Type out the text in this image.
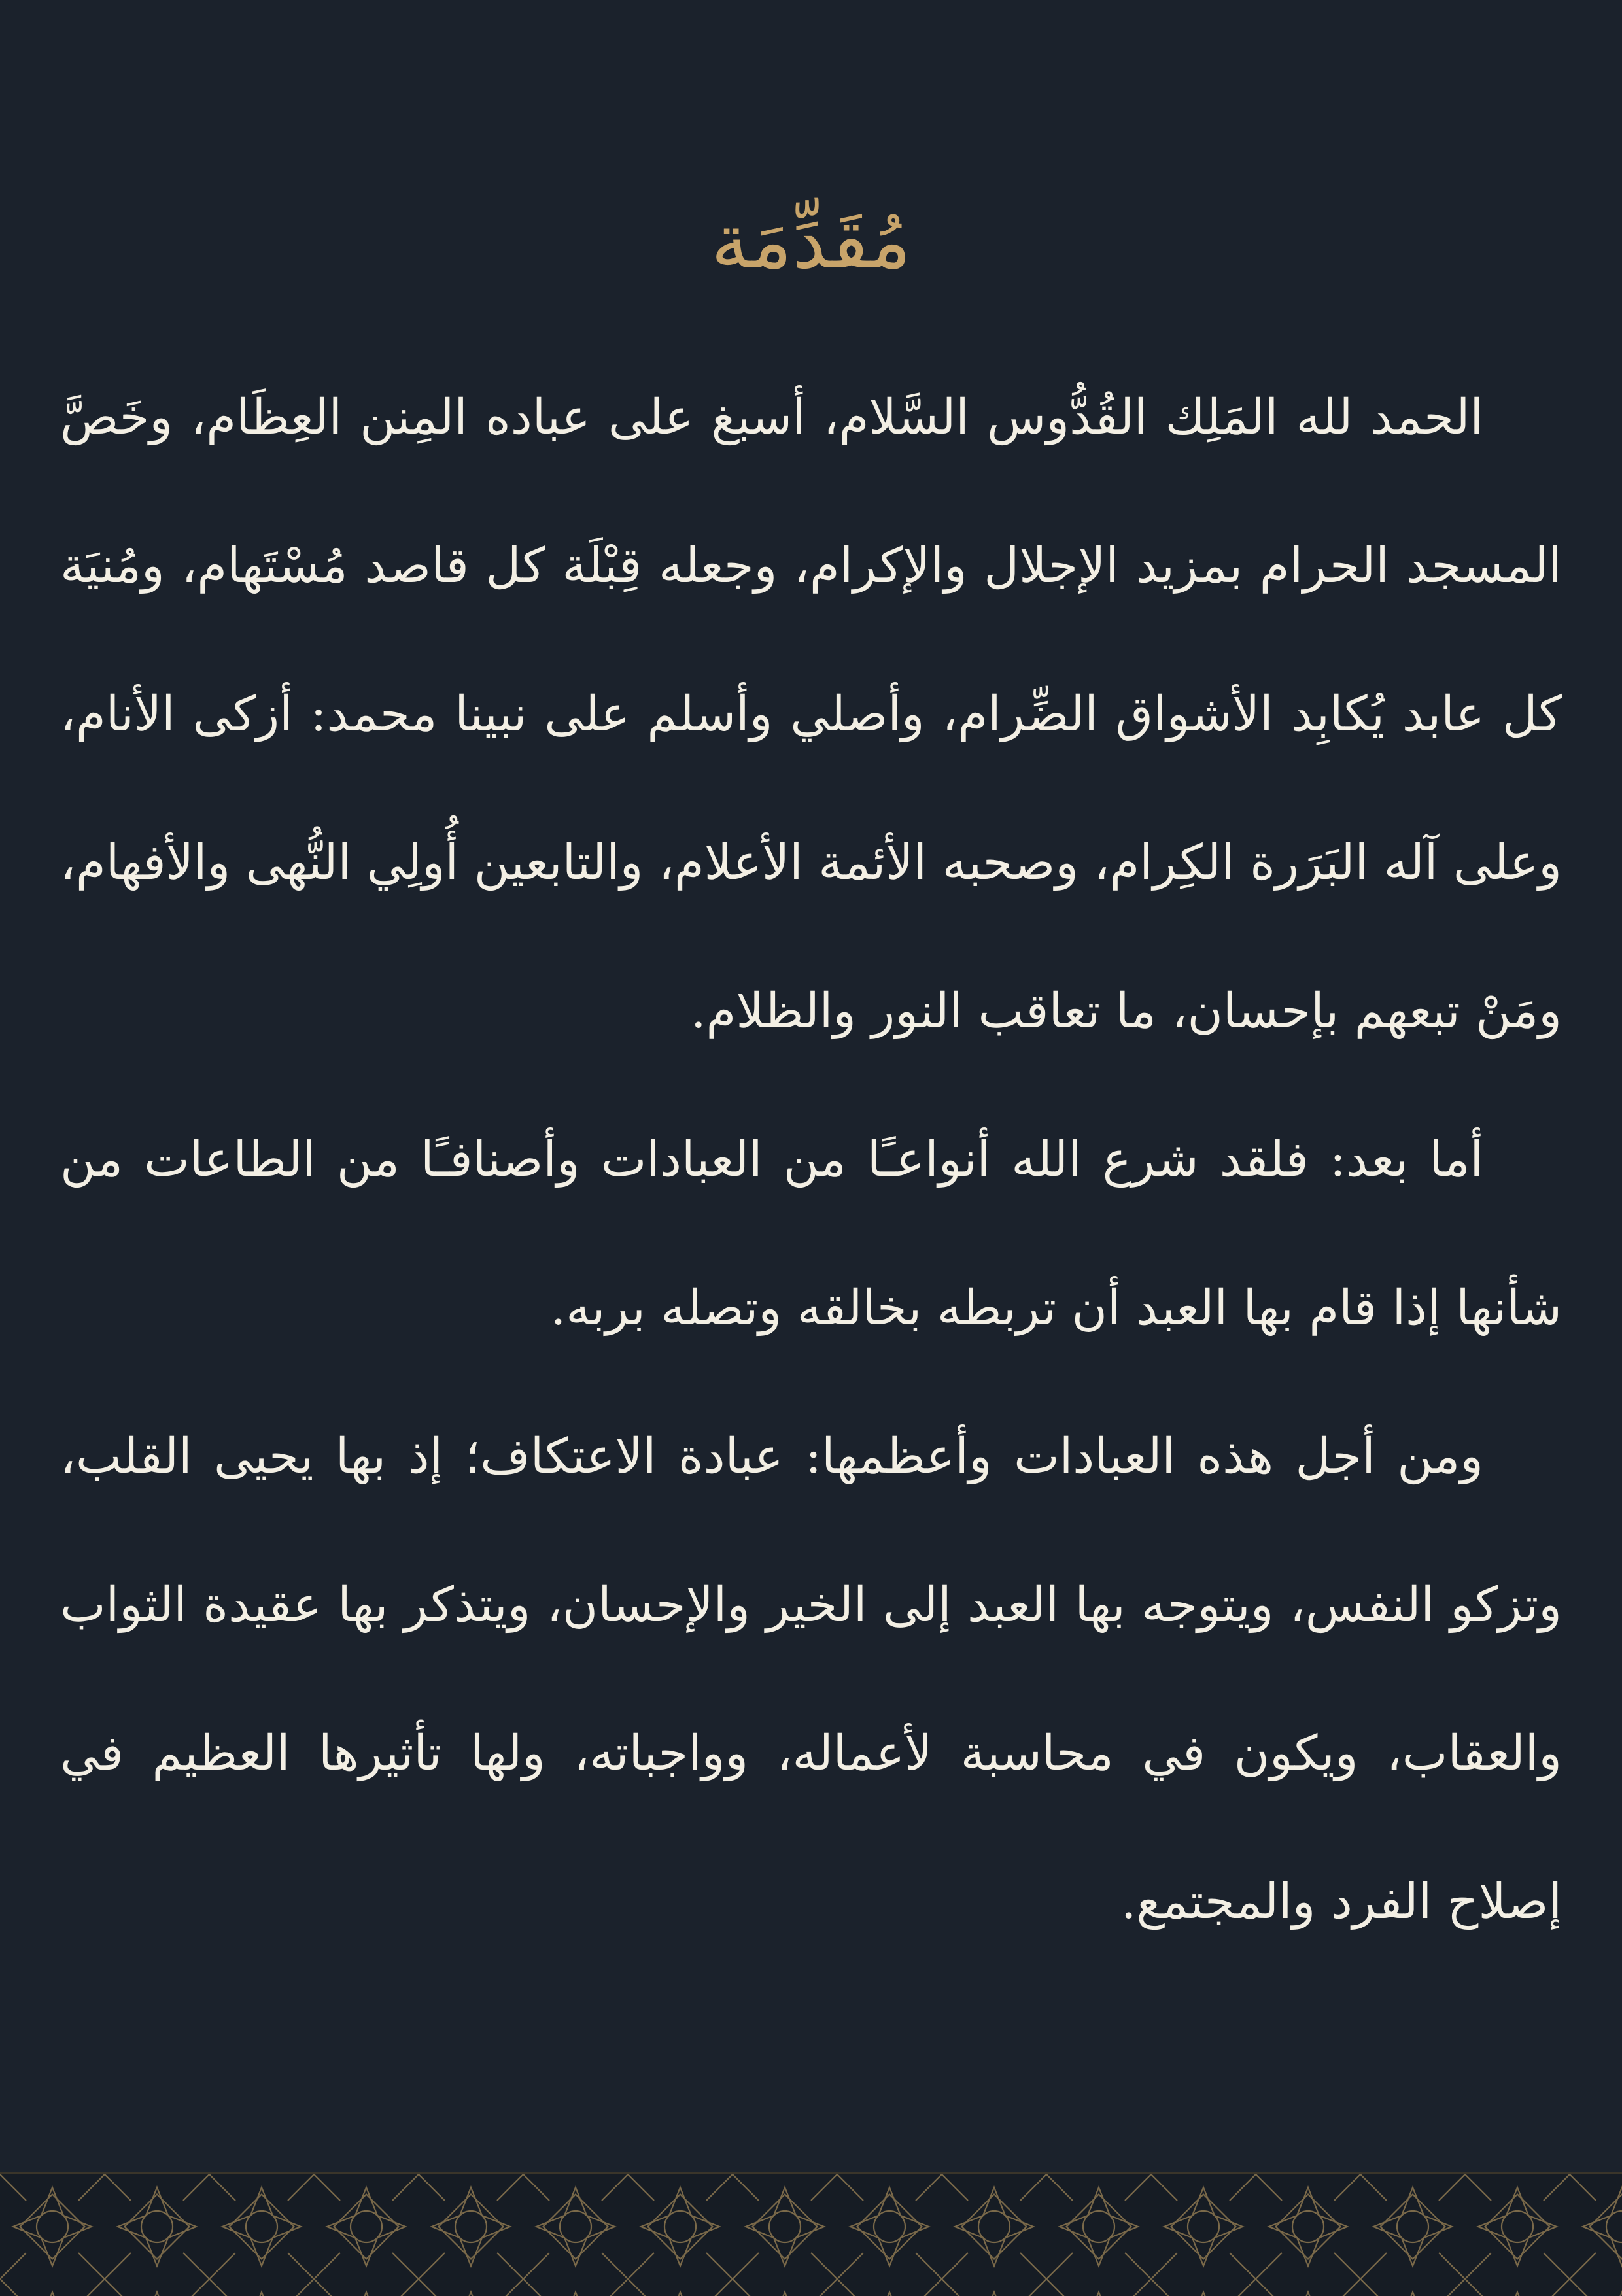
مُقَدِّمَة

الحمد لله المَلِك القُدُّوس السَّلام، أسبغ على عباده المِنن العِظَام، وخَصَّ المسجد الحرام بمزيد الإجلال والإكرام، وجعله قِبْلَة كل قاصد مُسْتَهام، ومُنيَة كل عابد يُكابِد الأشواق الضِّرام، وأصلي وأسلم على نبينا محمد: أزكى الأنام، وعلى آله البَرَرة الكِرام، وصحبه الأئمة الأعلام، والتابعين أُولِي النُّهى والأفهام، ومَنْ تبعهم بإحسان، ما تعاقب النور والظلام.

أما بعد: فلقد شرع الله أنواعـًا من العبادات وأصنافـًا من الطاعات من شأنها إذا قام بها العبد أن تربطه بخالقه وتصله بربه.

ومن أجل هذه العبادات وأعظمها: عبادة الاعتكاف؛ إذ بها يحيى القلب، وتزكو النفس، ويتوجه بها العبد إلى الخير والإحسان، ويتذكر بها عقيدة الثواب والعقاب، ويكون في محاسبة لأعماله، وواجباته، ولها تأثيرها العظيم في إصلاح الفرد والمجتمع.
